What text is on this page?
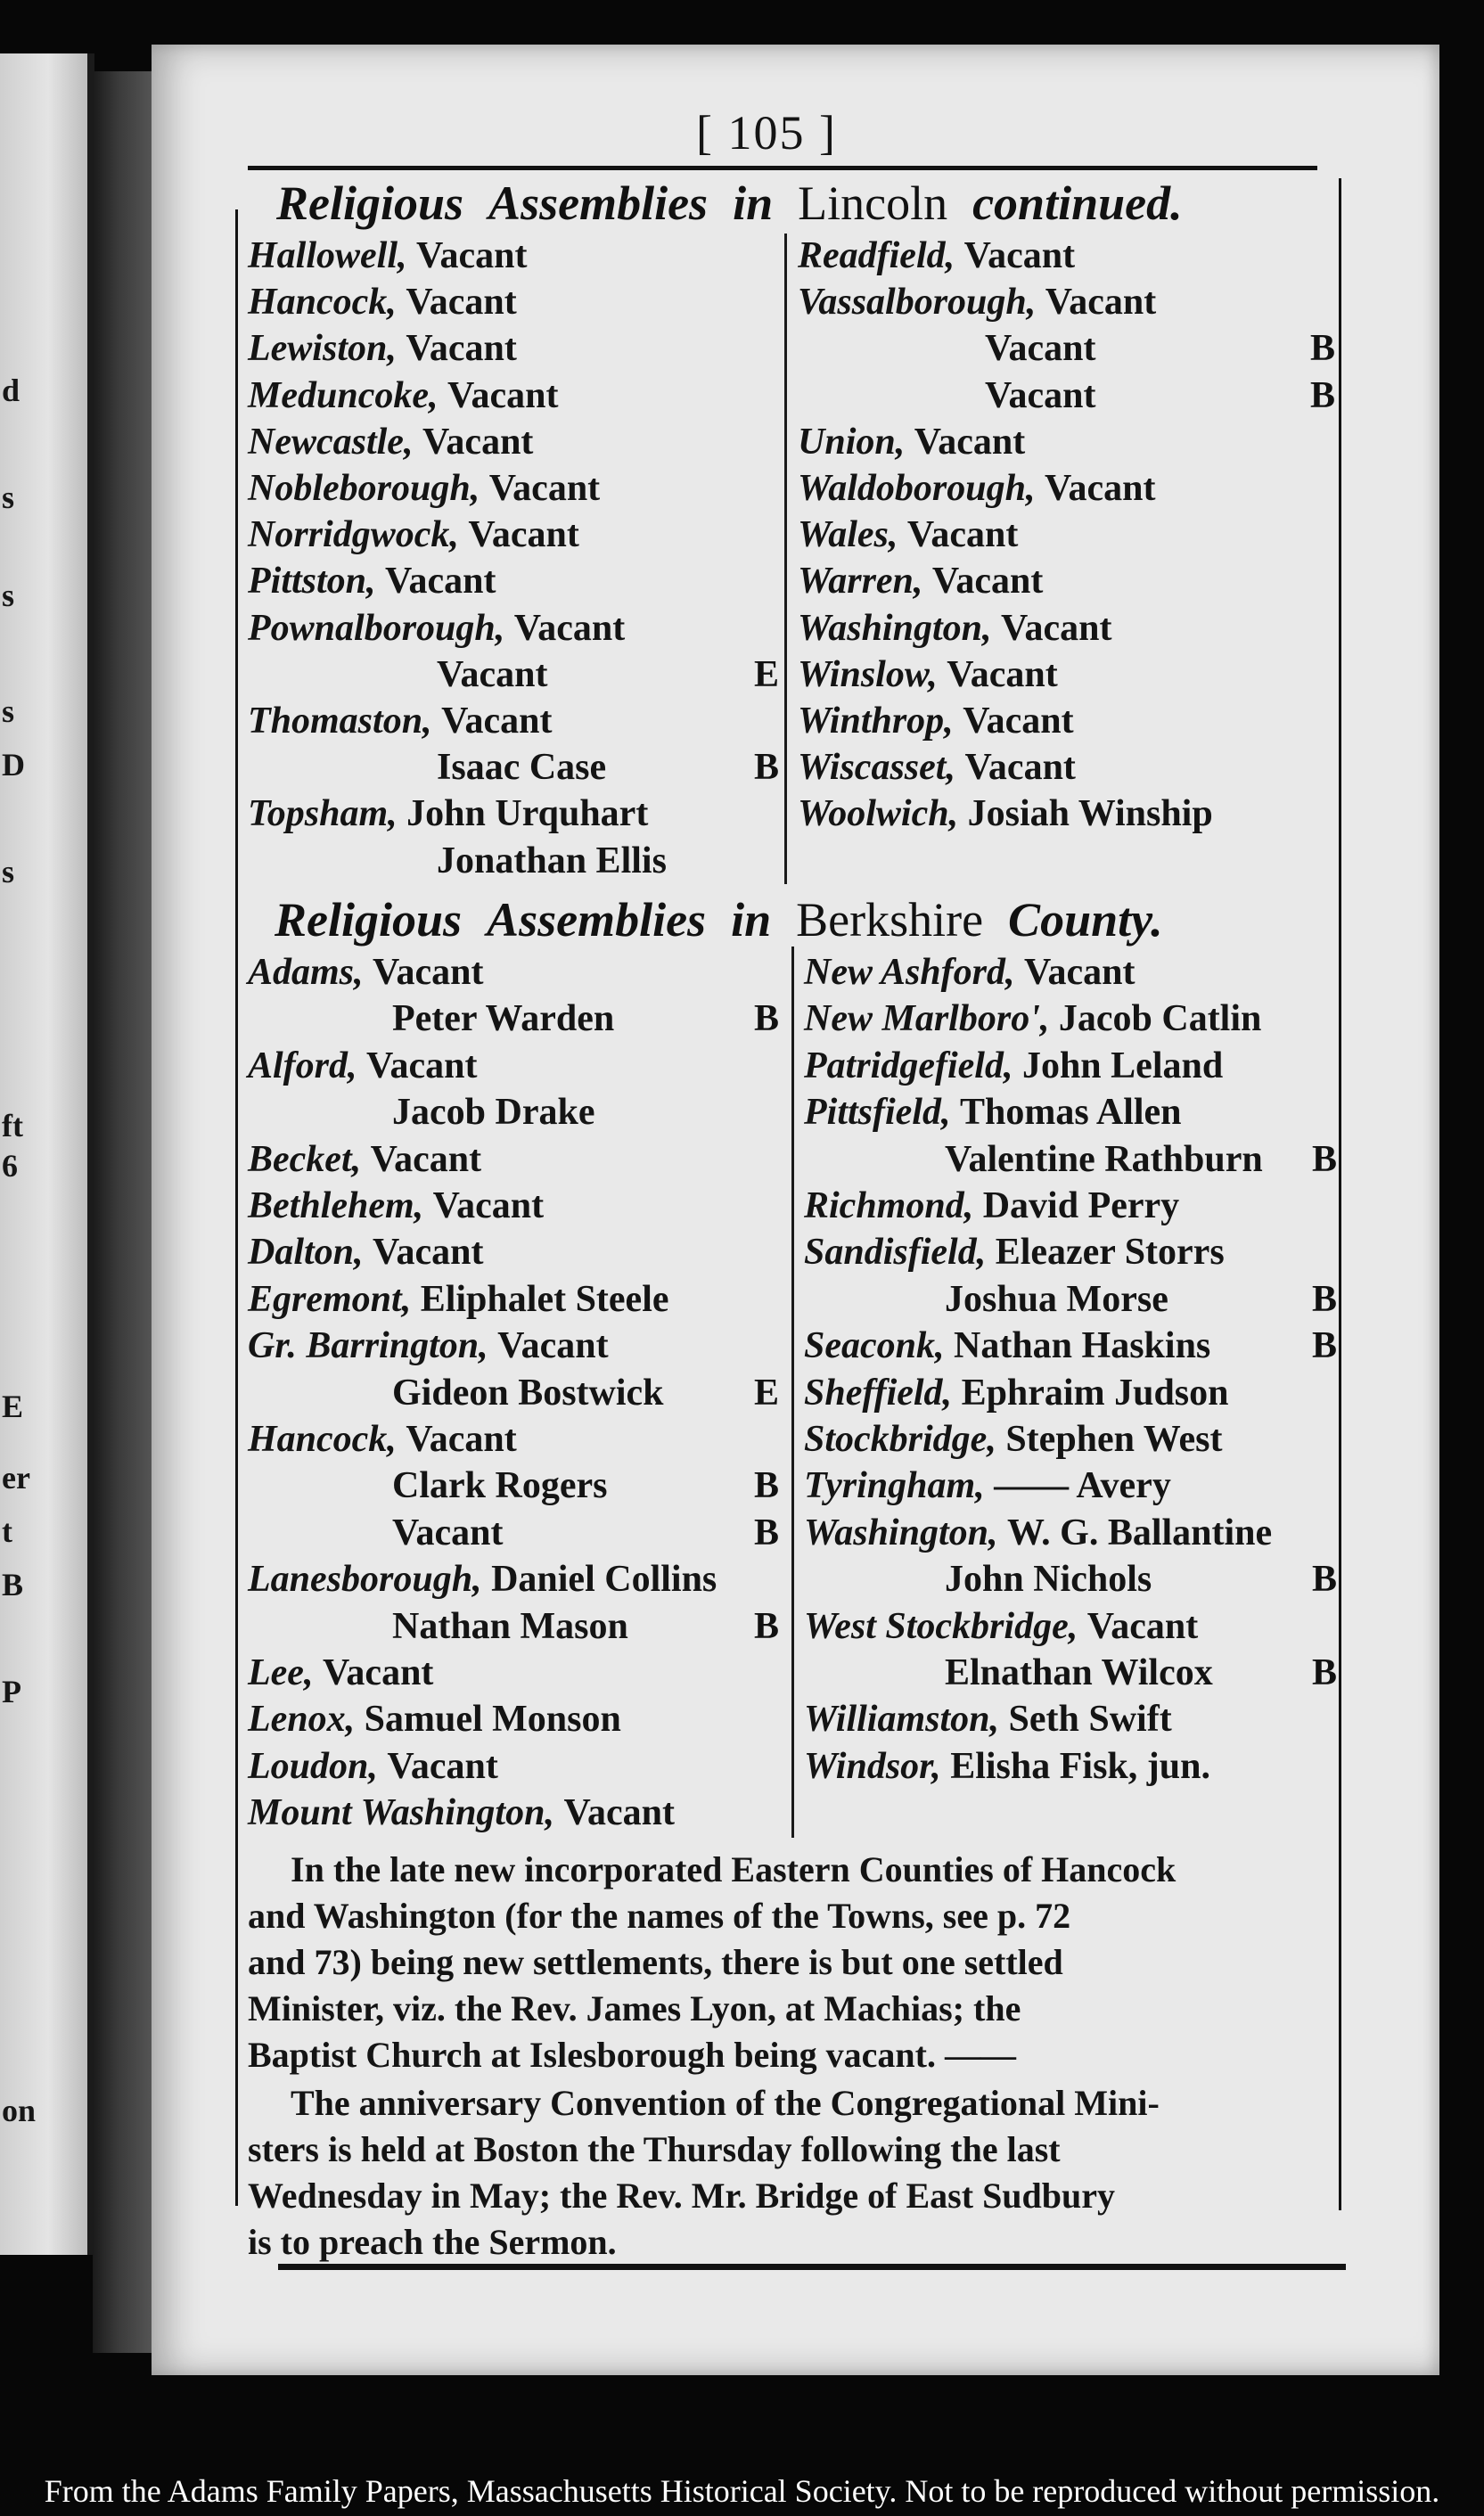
d
s
s
s
D
s
ft
6
E
er
t
B
P
on
[ 105 ]
Religious Assemblies in Lincoln continued.
Hallowell, Vacant
Hancock, Vacant
Lewiston, Vacant
Meduncoke, Vacant
Newcastle, Vacant
Nobleborough, Vacant
Norridgwock, Vacant
Pittston, Vacant
Pownalborough, Vacant
Vacant	E
Thomaston, Vacant
Isaac Case	B
Topsham, John Urquhart
Jonathan Ellis
Readfield, Vacant
Vassalborough, Vacant
Vacant	B
Vacant	B
Union, Vacant
Waldoborough, Vacant
Wales, Vacant
Warren, Vacant
Washington, Vacant
Winslow, Vacant
Winthrop, Vacant
Wiscasset, Vacant
Woolwich, Josiah Winship
Religious Assemblies in Berkshire County.
Adams, Vacant
Peter Warden	B
Alford, Vacant
Jacob Drake
Becket, Vacant
Bethlehem, Vacant
Dalton, Vacant
Egremont, Eliphalet Steele
Gr. Barrington, Vacant
Gideon Bostwick E
Hancock, Vacant
Clark Rogers	B
Vacant	B
Lanesborough, Daniel Collins
Nathan Mason	B
Lee, Vacant
Lenox, Samuel Monson
Loudon, Vacant
Mount Washington, Vacant
New Ashford, Vacant
New Marlboro', Jacob Catlin
Patridgefield, John Leland
Pittsfield, Thomas Allen
Valentine Rathburn B
Richmond, David Perry
Sandisfield, Eleazer Storrs
Joshua Morse	B
Seaconk, Nathan Haskins	B
Sheffield, Ephraim Judson
Stockbridge, Stephen West
Tyringham, —— Avery
Washington, W. G. Ballantine
John Nichols	B
West Stockbridge, Vacant
Elnathan Wilcox	B
Williamston, Seth Swift
Windsor, Elisha Fisk, jun.
In the late new incorporated Eastern Counties of Hancock
and Washington (for the names of the Towns, see p. 72
and 73) being new settlements, there is but one settled
Minister, viz. the Rev. James Lyon, at Machias; the
Baptist Church at Islesborough being vacant. ——
The anniversary Convention of the Congregational Mini-
sters is held at Boston the Thursday following the last
Wednesday in May; the Rev. Mr. Bridge of East Sudbury
is to preach the Sermon.
From the Adams Family Papers, Massachusetts Historical Society. Not to be reproduced without permission.
